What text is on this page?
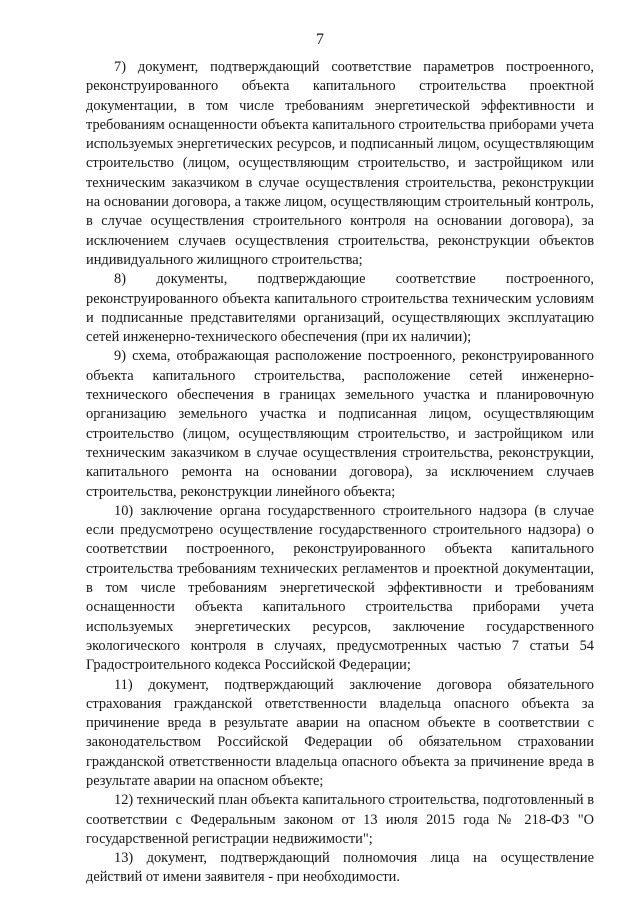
7

7) документ, подтверждающий соответствие параметров построенного, реконструированного объекта капитального строительства проектной документации, в том числе требованиям энергетической эффективности и требованиям оснащенности объекта капитального строительства приборами учета используемых энергетических ресурсов, и подписанный лицом, осуществляющим строительство (лицом, осуществляющим строительство, и застройщиком или техническим заказчиком в случае осуществления строительства, реконструкции на основании договора, а также лицом, осуществляющим строительный контроль, в случае осуществления строительного контроля на основании договора), за исключением случаев осуществления строительства, реконструкции объектов индивидуального жилищного строительства;

8) документы, подтверждающие соответствие построенного, реконструированного объекта капитального строительства техническим условиям и подписанные представителями организаций, осуществляющих эксплуатацию сетей инженерно-технического обеспечения (при их наличии);

9) схема, отображающая расположение построенного, реконструированного объекта капитального строительства, расположение сетей инженерно-технического обеспечения в границах земельного участка и планировочную организацию земельного участка и подписанная лицом, осуществляющим строительство (лицом, осуществляющим строительство, и застройщиком или техническим заказчиком в случае осуществления строительства, реконструкции, капитального ремонта на основании договора), за исключением случаев строительства, реконструкции линейного объекта;

10) заключение органа государственного строительного надзора (в случае если предусмотрено осуществление государственного строительного надзора) о соответствии построенного, реконструированного объекта капитального строительства требованиям технических регламентов и проектной документации, в том числе требованиям энергетической эффективности и требованиям оснащенности объекта капитального строительства приборами учета используемых энергетических ресурсов, заключение государственного экологического контроля в случаях, предусмотренных частью 7 статьи 54 Градостроительного кодекса Российской Федерации;

11) документ, подтверждающий заключение договора обязательного страхования гражданской ответственности владельца опасного объекта за причинение вреда в результате аварии на опасном объекте в соответствии с законодательством Российской Федерации об обязательном страховании гражданской ответственности владельца опасного объекта за причинение вреда в результате аварии на опасном объекте;

12) технический план объекта капитального строительства, подготовленный в соответствии с Федеральным законом от 13 июля 2015 года № 218-ФЗ "О государственной регистрации недвижимости";

13) документ, подтверждающий полномочия лица на осуществление действий от имени заявителя - при необходимости.
